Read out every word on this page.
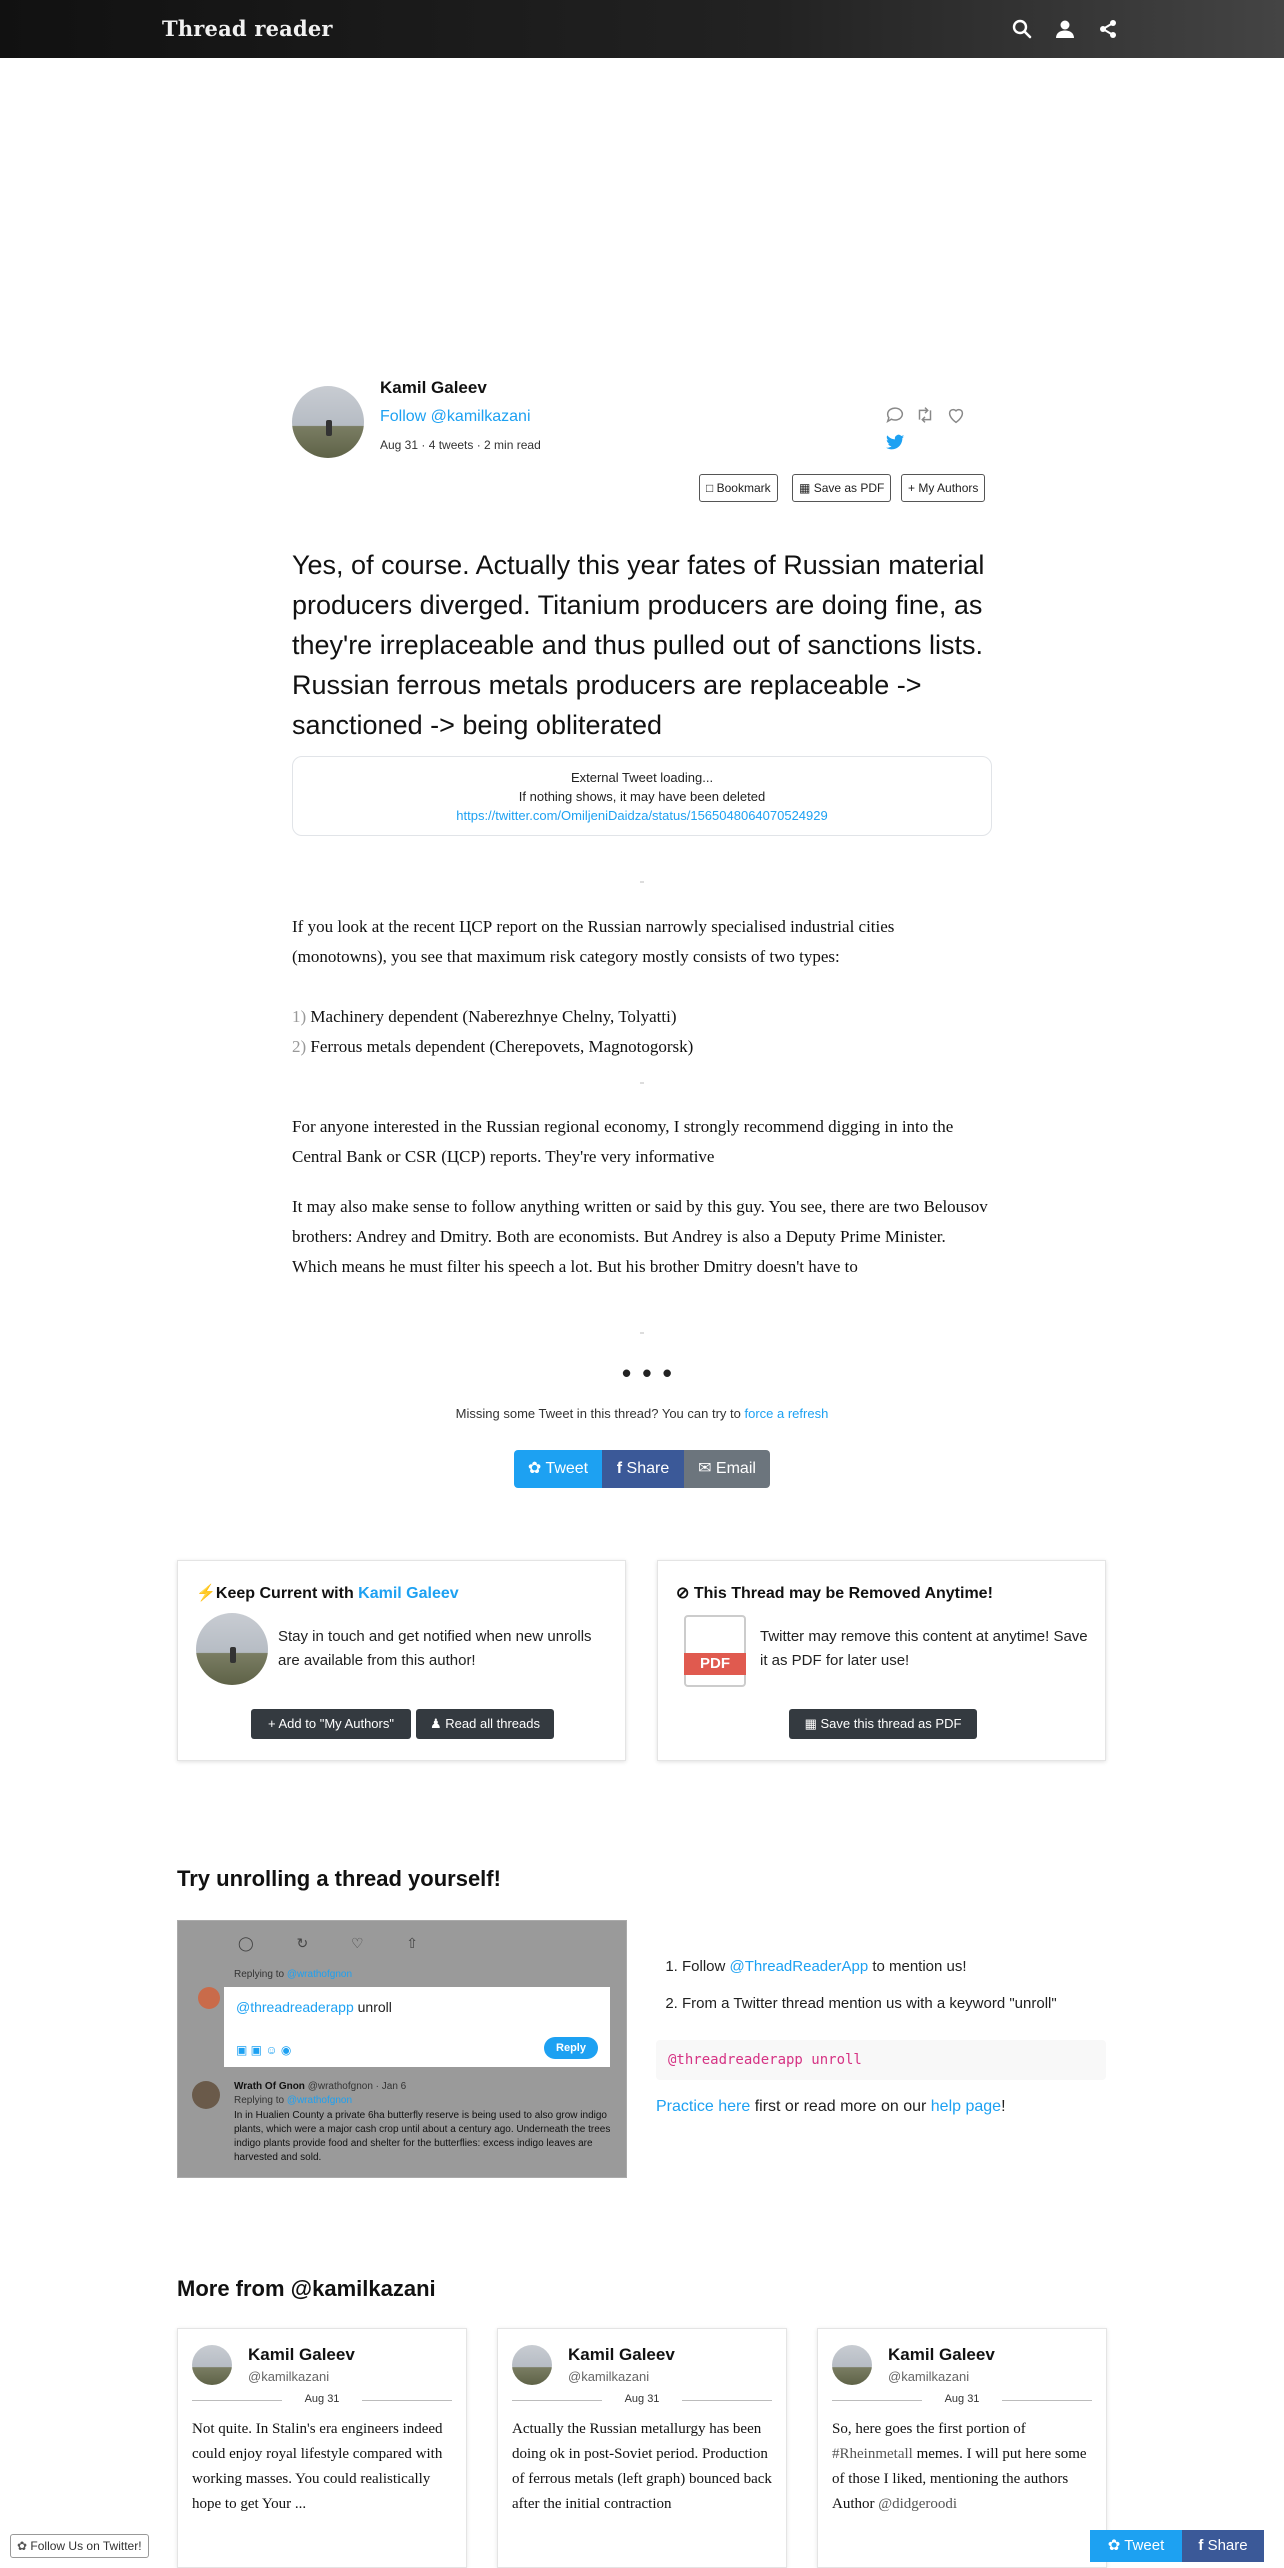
Thread reader
Kamil Galeev
Follow @kamilkazani
Aug 31 · 4 tweets · 2 min read

□ Bookmark	▦ Save as PDF	+ My Authors
Yes, of course. Actually this year fates of Russian material producers diverged. Titanium producers are doing fine, as they're irreplaceable and thus pulled out of sanctions lists. Russian ferrous metals producers are replaceable -> sanctioned -> being obliterated
External Tweet loading...
If nothing shows, it may have been deleted
https://twitter.com/OmiljeniDaidza/status/1565048064070524929
If you look at the recent ЦСР report on the Russian narrowly specialised industrial cities (monotowns), you see that maximum risk category mostly consists of two types:
1) Machinery dependent (Naberezhnye Chelny, Tolyatti)
2) Ferrous metals dependent (Cherepovets, Magnotogorsk)
For anyone interested in the Russian regional economy, I strongly recommend digging in into the Central Bank or CSR (ЦСР) reports. They're very informative
It may also make sense to follow anything written or said by this guy. You see, there are two Belousov brothers: Andrey and Dmitry. Both are economists. But Andrey is also a Deputy Prime Minister. Which means he must filter his speech a lot. But his brother Dmitry doesn't have to
• • •
Missing some Tweet in this thread? You can try to force a refresh
✿ Tweet	f Share	✉ Email
⚡Keep Current with Kamil Galeev
Stay in touch and get notified when new unrolls are available from this author!
+ Add to "My Authors"	♟ Read all threads
⊘ This Thread may be Removed Anytime!
PDF
Twitter may remove this content at anytime! Save it as PDF for later use!
▦ Save this thread as PDF
Try unrolling a thread yourself!
◯           ↻           ♡           ⇧
Replying to @wrathofgnon
@threadreaderapp unroll
▣ ▣ ☺ ◉	Reply
Wrath Of Gnon @wrathofgnon · Jan 6
Replying to @wrathofgnon
In in Hualien County a private 6ha butterfly reserve is being used to also grow indigo plants, which were a major cash crop until about a century ago. Underneath the trees indigo plants provide food and shelter for the butterflies: excess indigo leaves are harvested and sold.
1. Follow @ThreadReaderApp to mention us!
2. From a Twitter thread mention us with a keyword "unroll"
@threadreaderapp unroll
Practice here first or read more on our help page!
More from @kamilkazani
Kamil Galeev
@kamilkazani
Aug 31
Not quite. In Stalin's era engineers indeed could enjoy royal lifestyle compared with working masses. You could realistically hope to get Your ...
Kamil Galeev
@kamilkazani
Aug 31
Actually the Russian metallurgy has been doing ok in post-Soviet period. Production of ferrous metals (left graph) bounced back after the initial contraction
Kamil Galeev
@kamilkazani
Aug 31
So, here goes the first portion of #Rheinmetall memes. I will put here some of those I liked, mentioning the authors Author @didgeroodi
✿ Follow Us on Twitter!	✿ Tweet	f Share
